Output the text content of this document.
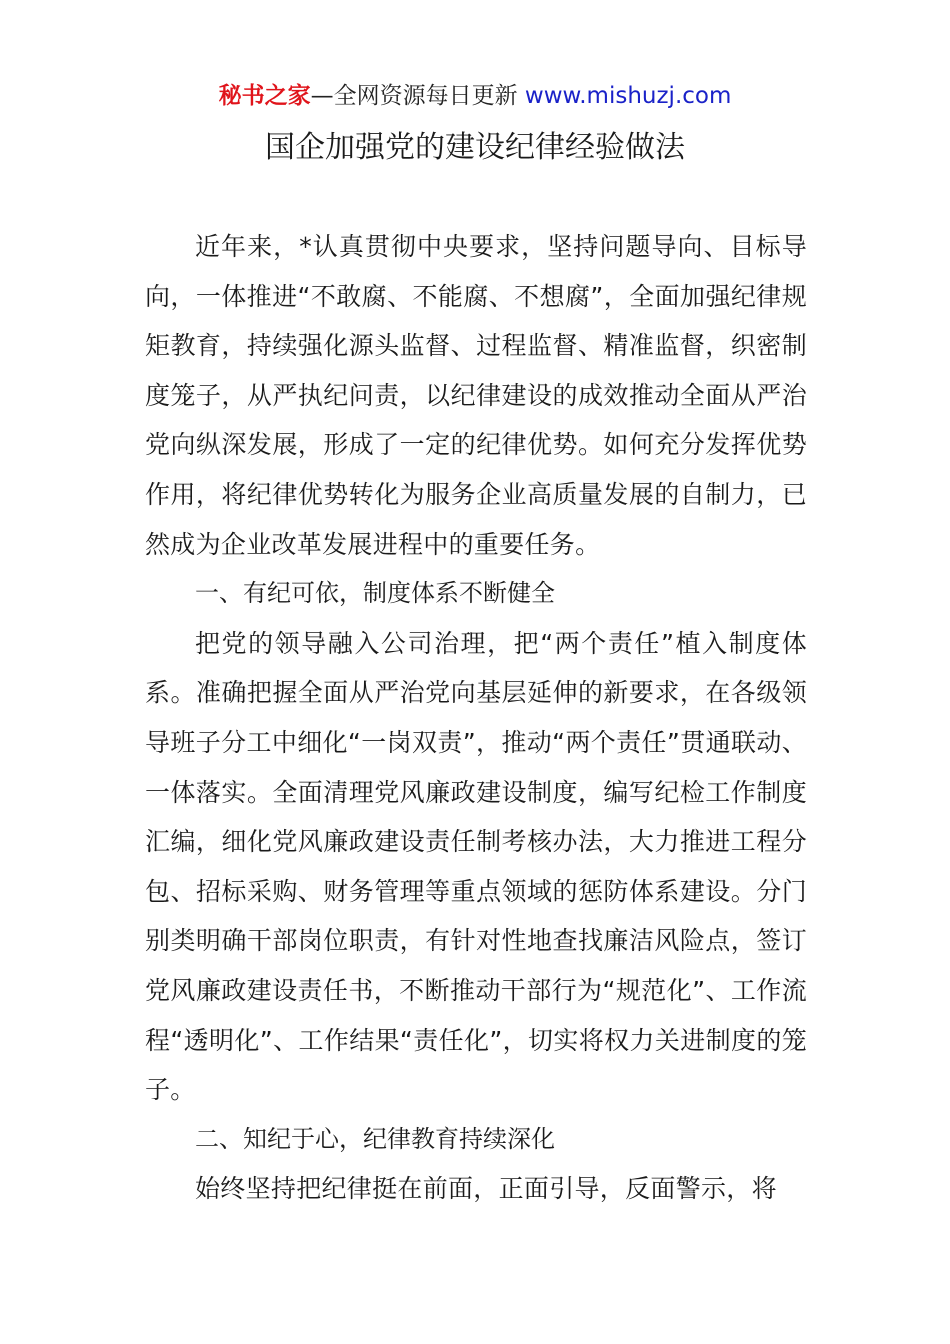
秘书之家—全网资源每日更新 www.mishuzj.com
国企加强党的建设纪律经验做法

近年来，*认真贯彻中央要求，坚持问题导向、目标导向，一体推进“不敢腐、不能腐、不想腐”，全面加强纪律规矩教育，持续强化源头监督、过程监督、精准监督，织密制度笼子，从严执纪问责，以纪律建设的成效推动全面从严治党向纵深发展，形成了一定的纪律优势。如何充分发挥优势作用，将纪律优势转化为服务企业高质量发展的自制力，已然成为企业改革发展进程中的重要任务。

一、有纪可依，制度体系不断健全

把党的领导融入公司治理，把“两个责任”植入制度体系。准确把握全面从严治党向基层延伸的新要求，在各级领导班子分工中细化“一岗双责”，推动“两个责任”贯通联动、一体落实。全面清理党风廉政建设制度，编写纪检工作制度汇编，细化党风廉政建设责任制考核办法，大力推进工程分包、招标采购、财务管理等重点领域的惩防体系建设。分门别类明确干部岗位职责，有针对性地查找廉洁风险点，签订党风廉政建设责任书，不断推动干部行为“规范化”、工作流程“透明化”、工作结果“责任化”，切实将权力关进制度的笼子。

二、知纪于心，纪律教育持续深化

始终坚持把纪律挺在前面，正面引导，反面警示，将
